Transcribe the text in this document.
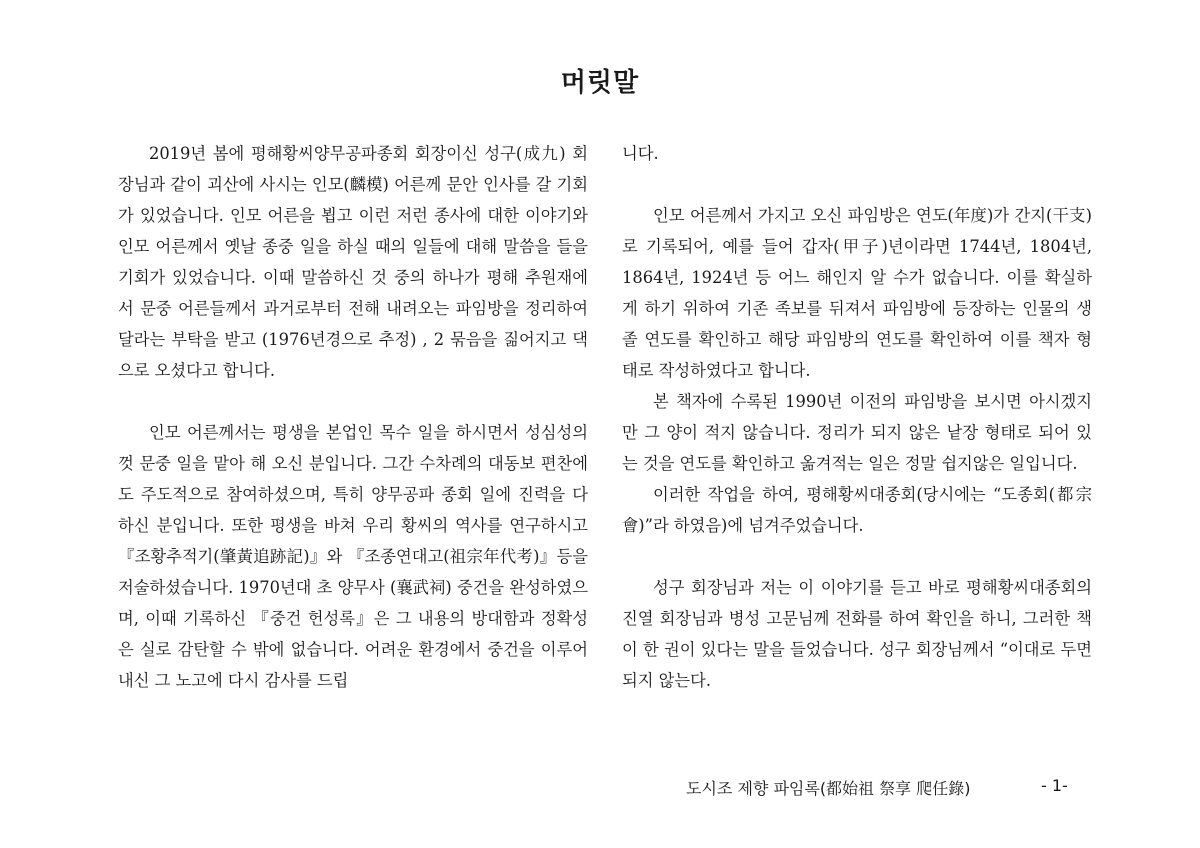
머릿말

2019년 봄에 평해황씨양무공파종회 회장이신 성구(成九) 회장님과 같이 괴산에 사시는 인모(麟模) 어른께 문안 인사를 갈 기회가 있었습니다. 인모 어른을 뵙고 이런 저런 종사에 대한 이야기와 인모 어른께서 옛날 종중 일을 하실 때의 일들에 대해 말씀을 들을 기회가 있었습니다. 이때 말씀하신 것 중의 하나가 평해 추원재에서 문중 어른들께서 과거로부터 전해 내려오는 파임방을 정리하여 달라는 부탁을 받고 (1976년경으로 추정) , 2 묶음을 짊어지고 댁으로 오셨다고 합니다.

인모 어른께서는 평생을 본업인 목수 일을 하시면서 성심성의껏 문중 일을 맡아 해 오신 분입니다. 그간 수차례의 대동보 편찬에도 주도적으로 참여하셨으며, 특히 양무공파 종회 일에 진력을 다하신 분입니다. 또한 평생을 바쳐 우리 황씨의 역사를 연구하시고 『조황추적기(肇黃追跡記)』와 『조종연대고(祖宗年代考)』등을 저술하셨습니다. 1970년대 초 양무사 (襄武祠) 중건을 완성하였으며, 이때 기록하신 『중건 헌성록』은 그 내용의 방대함과 정확성은 실로 감탄할 수 밖에 없습니다. 어려운 환경에서 중건을 이루어내신 그 노고에 다시 감사를 드립

니다.

인모 어른께서 가지고 오신 파임방은 연도(年度)가 간지(干支)로 기록되어, 예를 들어 갑자(甲子)년이라면 1744년, 1804년, 1864년, 1924년 등 어느 해인지 알 수가 없습니다. 이를 확실하게 하기 위하여 기존 족보를 뒤져서 파임방에 등장하는 인물의 생졸 연도를 확인하고 해당 파임방의 연도를 확인하여 이를 책자 형태로 작성하였다고 합니다.

본 책자에 수록된 1990년 이전의 파임방을 보시면 아시겠지만 그 양이 적지 않습니다. 정리가 되지 않은 낱장 형태로 되어 있는 것을 연도를 확인하고 옮겨적는 일은 정말 쉽지않은 일입니다.

이러한 작업을 하여, 평해황씨대종회(당시에는 “도종회(都宗會)”라 하였음)에 넘겨주었습니다.

성구 회장님과 저는 이 이야기를 듣고 바로 평해황씨대종회의 진열 회장님과 병성 고문님께 전화를 하여 확인을 하니, 그러한 책이 한 권이 있다는 말을 들었습니다. 성구 회장님께서 “이대로 두면 되지 않는다.

도시조 제향 파임록(都始祖 祭享 爬任錄)	- 1-
